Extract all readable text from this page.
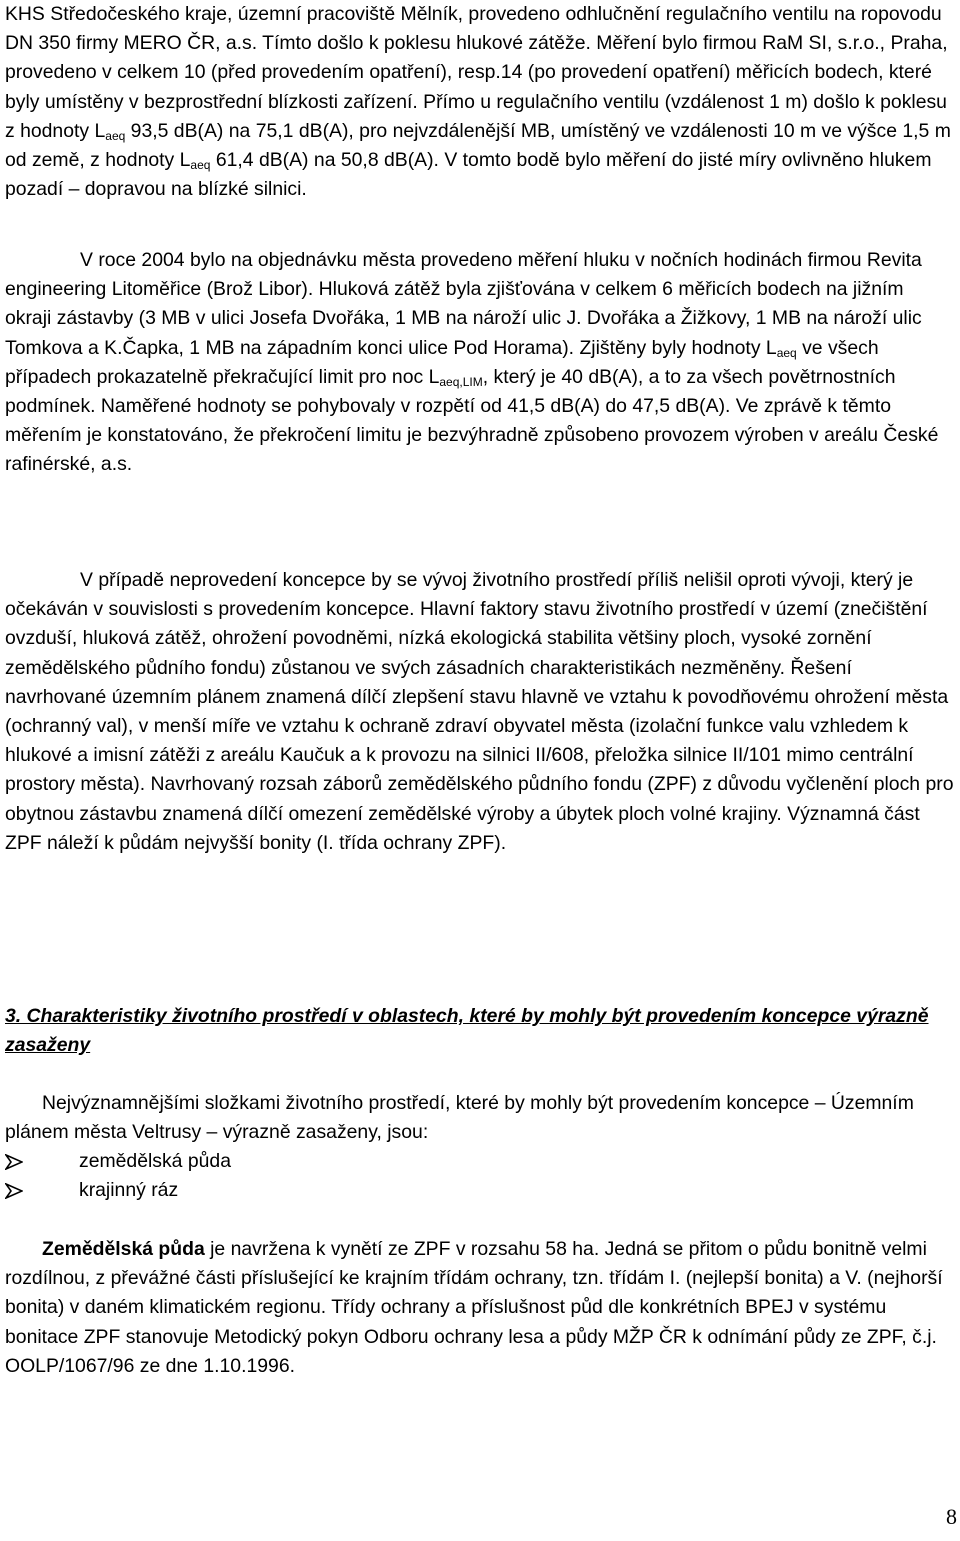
KHS Středočeského kraje, územní pracoviště Mělník, provedeno odhlučnění regulačního ventilu na ropovodu DN 350 firmy MERO ČR, a.s. Tímto došlo k poklesu hlukové zátěže. Měření bylo firmou RaM SI, s.r.o., Praha, provedeno v celkem 10 (před provedením opatření), resp.14 (po provedení opatření) měřicích bodech, které byly umístěny v bezprostřední blízkosti zařízení. Přímo u regulačního ventilu (vzdálenost 1 m) došlo k poklesu z hodnoty $L_{aeq}$ 93,5 dB(A) na 75,1 dB(A), pro nejvzdálenější MB, umístěný ve vzdálenosti 10 m ve výšce 1,5 m od země, z hodnoty $L_{aeq}$ 61,4 dB(A) na 50,8 dB(A). V tomto bodě bylo měření do jisté míry ovlivněno hlukem pozadí – dopravou na blízké silnici.

V roce 2004 bylo na objednávku města provedeno měření hluku v nočních hodinách firmou Revita engineering Litoměřice (Brož Libor). Hluková zátěž byla zjišťována v celkem 6 měřicích bodech na jižním okraji zástavby (3 MB v ulici Josefa Dvořáka, 1 MB na nároží ulic J. Dvořáka a Žižkovy, 1 MB na nároží ulic Tomkova a K.Čapka, 1 MB na západním konci ulice Pod Horama). Zjištěny byly hodnoty $L_{aeq}$ ve všech případech prokazatelně překračující limit pro noc $L_{aeq,LIM}$, který je 40 dB(A), a to za všech povětrnostních podmínek. Naměřené hodnoty se pohybovaly v rozpětí od 41,5 dB(A) do 47,5 dB(A). Ve zprávě k těmto měřením je konstatováno, že překročení limitu je bezvýhradně způsobeno provozem výroben v areálu České rafinérské, a.s.

V případě neprovedení koncepce by se vývoj životního prostředí příliš nelišil oproti vývoji, který je očekáván v souvislosti s provedením koncepce. Hlavní faktory stavu životního prostředí v území (znečištění ovzduší, hluková zátěž, ohrožení povodněmi, nízká ekologická stabilita většiny ploch, vysoké zornění zemědělského půdního fondu) zůstanou ve svých zásadních charakteristikách nezměněny. Řešení navrhované územním plánem znamená dílčí zlepšení stavu hlavně ve vztahu k povodňovému ohrožení města (ochranný val), v menší míře ve vztahu k ochraně zdraví obyvatel města (izolační funkce valu vzhledem k hlukové a imisní zátěži z areálu Kaučuk a k provozu na silnici II/608, přeložka silnice II/101 mimo centrální prostory města). Navrhovaný rozsah záborů zemědělského půdního fondu (ZPF) z důvodu vyčlenění ploch pro obytnou zástavbu znamená dílčí omezení zemědělské výroby a úbytek ploch volné krajiny. Významná část ZPF náleží k půdám nejvyšší bonity (I. třída ochrany ZPF).

3. Charakteristiky životního prostředí v oblastech, které by mohly být provedením koncepce výrazně zasaženy

Nejvýznamnějšími složkami životního prostředí, které by mohly být provedením koncepce – Územním plánem města Veltrusy – výrazně zasaženy, jsou:

zemědělská půda
krajinný ráz

Zemědělská půda je navržena k vynětí ze ZPF v rozsahu 58 ha. Jedná se přitom o půdu bonitně velmi rozdílnou, z převážné části příslušející ke krajním třídám ochrany, tzn. třídám I. (nejlepší bonita) a V. (nejhorší bonita) v daném klimatickém regionu. Třídy ochrany a příslušnost půd dle konkrétních BPEJ v systému bonitace ZPF stanovuje Metodický pokyn Odboru ochrany lesa a půdy MŽP ČR k odnímání půdy ze ZPF, č.j. OOLP/1067/96 ze dne 1.10.1996.

8
